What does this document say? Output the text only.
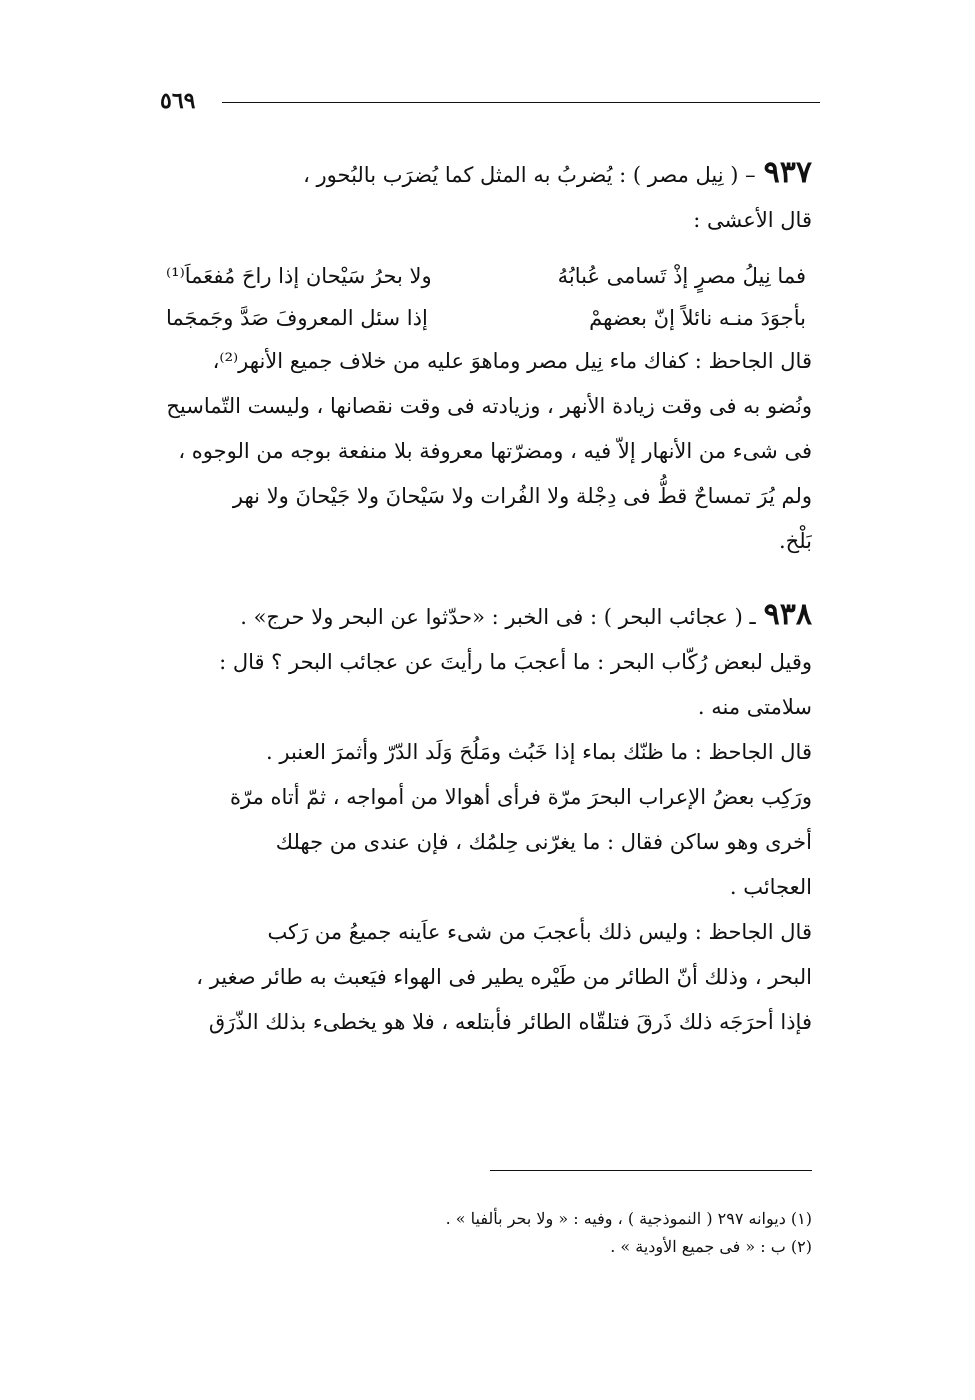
٥٦٩
٩٣٧– ( نِيل مصر ) : يُضربُ به المثل كما يُضرَب بالبُحور ،
قال الأعشى :
فما نِيلُ مصرٍ إذْ تَسامى عُبابُهُ
ولا بحرُ سَيْحان إذا راحَ مُفعَماَ⁽¹⁾
بأجوَدَ منـه نائلاً إنّ بعضهمْ
إذا سئل المعروفَ صَدَّ وجَمجَما
قال الجاحظ : كفاك ماء نِيل مصر وماهوَ عليه من خلاف جميع الأنهر⁽²⁾،
ونُضو به فى وقت زيادة الأنهر ، وزيادته فى وقت نقصانها ، وليست التّماسيح
فى شىء من الأنهار إلاّ فيه ، ومضرّتها معروفة بلا منفعة بوجه من الوجوه ،
ولم يُرَ تمساحٌ قطُّ فى دِجْلة ولا الفُرات ولا سَيْحانَ ولا جَيْحانَ ولا نهر
بَلْخ.
٩٣٨ـ ( عجائب البحر ) : فى الخبر : «حدّثوا عن البحر ولا حرج» .
وقيل لبعض رُكّاب البحر : ما أعجبَ ما رأيتَ عن عجائب البحر ؟ قال :
سلامتى منه .
قال الجاحظ : ما ظنّك بماء إذا خَبُث ومَلُحَ وَلَد الدّرّ وأثمرَ العنبر .
ورَكِب بعضُ الإعراب البحرَ مرّة فرأى أهوالا من أمواجه ، ثمّ أتاه مرّة
أخرى وهو ساكن فقال : ما يغرّنى حِلمُك ، فإن عندى من جهلك
العجائب .
قال الجاحظ : وليس ذلك بأعجبَ من شىء عاَينه جميعُ من رَكب
البحر ، وذلك أنّ الطائر من طَيْره يطير فى الهواء فيَعبث به طائر صغير ،
فإذا أحرَجَه ذلك ذَرقَ فتلقّاه الطائر فأبتلعه ، فلا هو يخطىء بذلك الذّرَق
(١) ديوانه ٢٩٧ ( النموذجية ) ، وفيه : « ولا بحر بألفيا » .
(٢) ب : « فى جميع الأودية » .
